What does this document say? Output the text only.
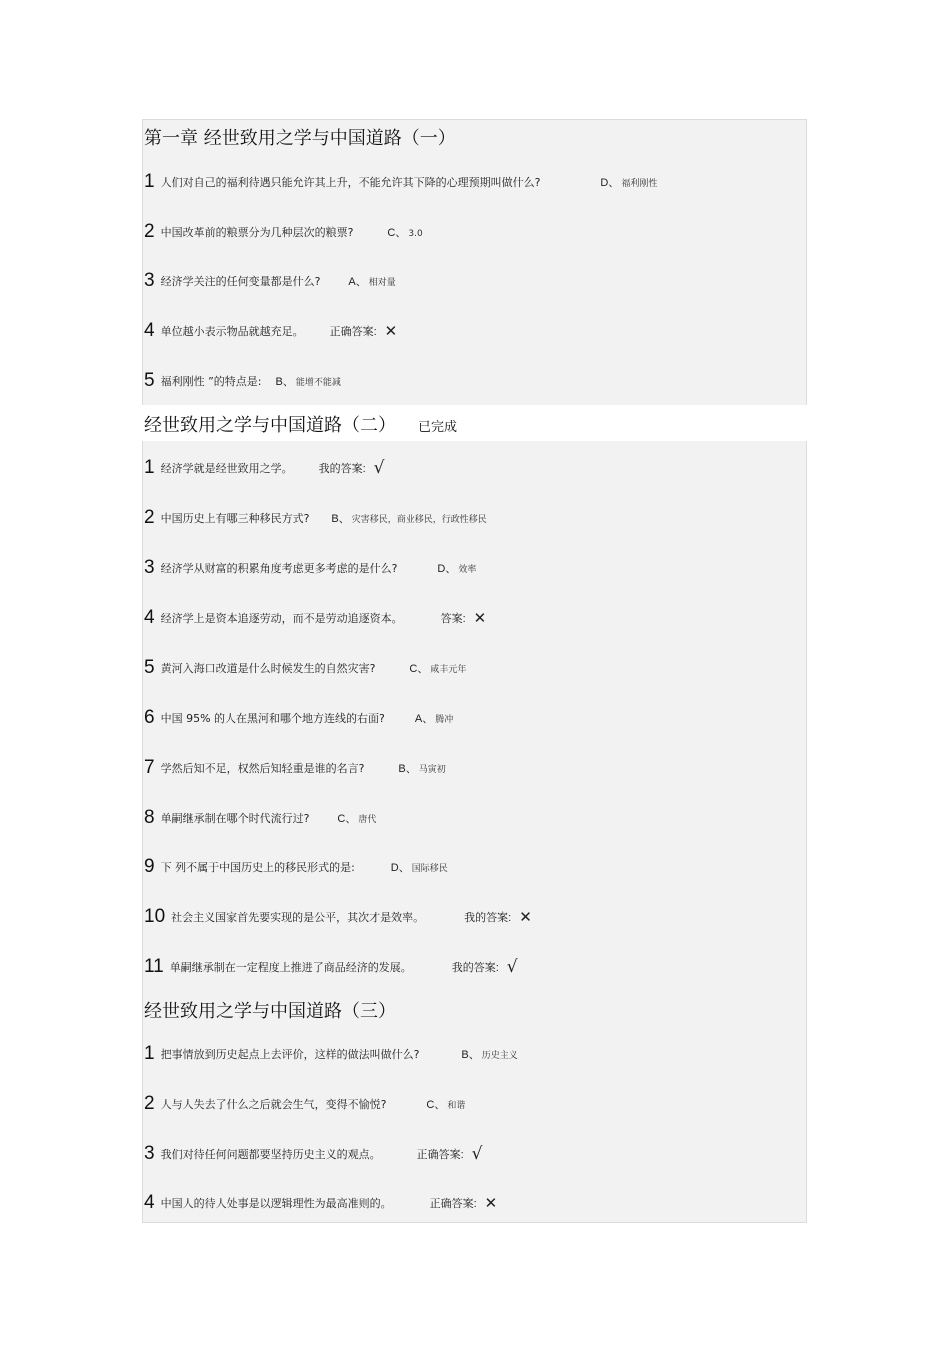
第一章 经世致用之学与中国道路（一）
1 人们对自己的福利待遇只能允许其上升，不能允许其下降的心理预期叫做什么?	D、 福利刚性
2 中国改革前的粮票分为几种层次的粮票?	C、 3.0
3 经济学关注的任何变量都是什么?	A、 相对量
4 单位越小表示物品就越充足。 正确答案: ✕
5 福利刚性 ”的特点是: B、 能增不能减
经世致用之学与中国道路（二） 已完成
1 经济学就是经世致用之学。 我的答案: √
2 中国历史上有哪三种移民方式? B、 灾害移民，商业移民，行政性移民
3 经济学从财富的积累角度考虑更多考虑的是什么?	D、 效率
4 经济学上是资本追逐劳动，而不是劳动追逐资本。	答案: ✕
5 黄河入海口改道是什么时候发生的自然灾害?	C、 咸丰元年
6 中国 95% 的人在黑河和哪个地方连线的右面?	A、 腾冲
7 学然后知不足，权然后知轻重是谁的名言?	B、 马寅初
8 单嗣继承制在哪个时代流行过?	C、 唐代
9 下 列不属于中国历史上的移民形式的是:	D、 国际移民
10 社会主义国家首先要实现的是公平，其次才是效率。	我的答案: ✕
11 单嗣继承制在一定程度上推进了商品经济的发展。	我的答案: √
经世致用之学与中国道路（三）
1 把事情放到历史起点上去评价，这样的做法叫做什么?	B、 历史主义
2 人与人失去了什么之后就会生气，变得不愉悦?	C、 和谐
3 我们对待任何问题都要坚持历史主义的观点。	正确答案: √
4 中国人的待人处事是以逻辑理性为最高准则的。	正确答案: ✕
